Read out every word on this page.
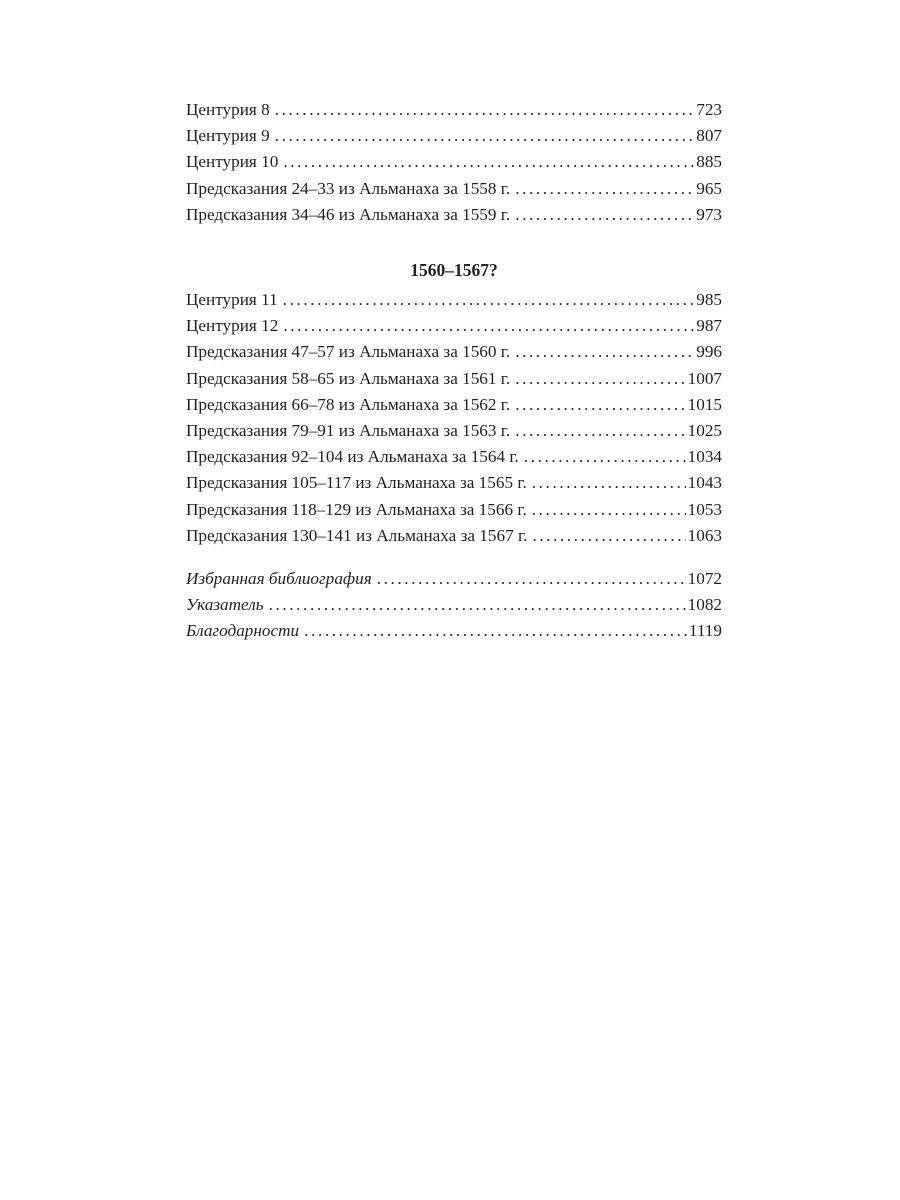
Центурия 8 .....	723
Центурия 9 .....	807
Центурия 10 .....	885
Предсказания 24–33 из Альманаха за 1558 г. .....	965
Предсказания 34–46 из Альманаха за 1559 г. .....	973
1560–1567?
Центурия 11 .....	985
Центурия 12 .....	987
Предсказания 47–57 из Альманаха за 1560 г. .....	996
Предсказания 58–65 из Альманаха за 1561 г. .....	1007
Предсказания 66–78 из Альманаха за 1562 г. .....	1015
Предсказания 79–91 из Альманаха за 1563 г. .....	1025
Предсказания 92–104 из Альманаха за 1564 г. .....	1034
Предсказания 105–117 из Альманаха за 1565 г. .....	1043
Предсказания 118–129 из Альманаха за 1566 г. .....	1053
Предсказания 130–141 из Альманаха за 1567 г. .....	1063
Избранная библиография .....	1072
Указатель .....	1082
Благодарности .....	1119
